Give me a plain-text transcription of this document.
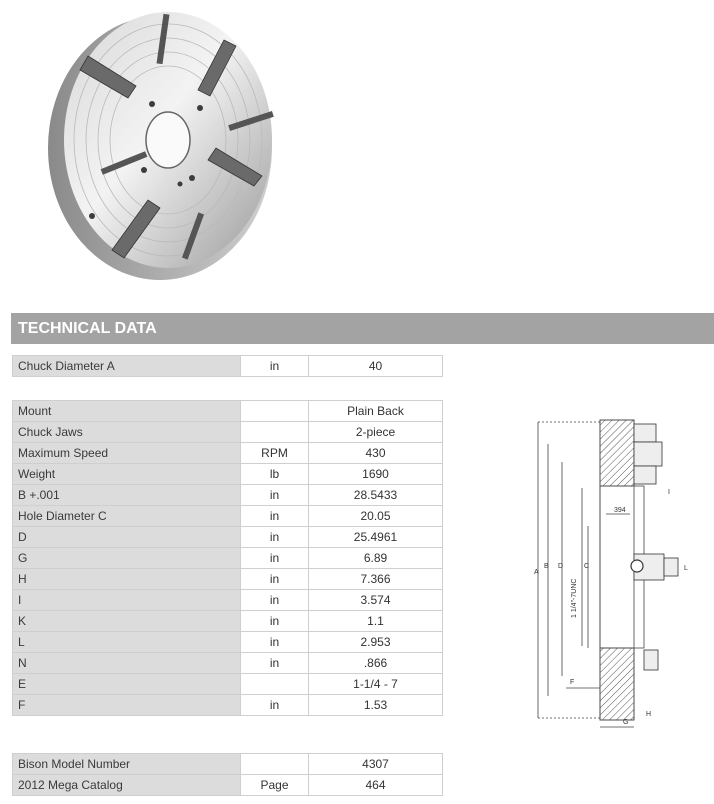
TECHNICAL DATA
Chuck Diameter A	in	40
Mount		Plain Back
Chuck Jaws		2-piece
Maximum Speed	RPM	430
Weight	lb	1690
B +.001	in	28.5433
Hole Diameter C	in	20.05
D	in	25.4961
G	in	6.89
H	in	7.366
I	in	3.574
K	in	1.1
L	in	2.953
N	in	.866
E		1-1/4 - 7
F	in	1.53
Bison Model Number		4307
2012 Mega Catalog	Page	464
A
B D	C
1 1/4"-7UNC
F
G
H
I
L
394
